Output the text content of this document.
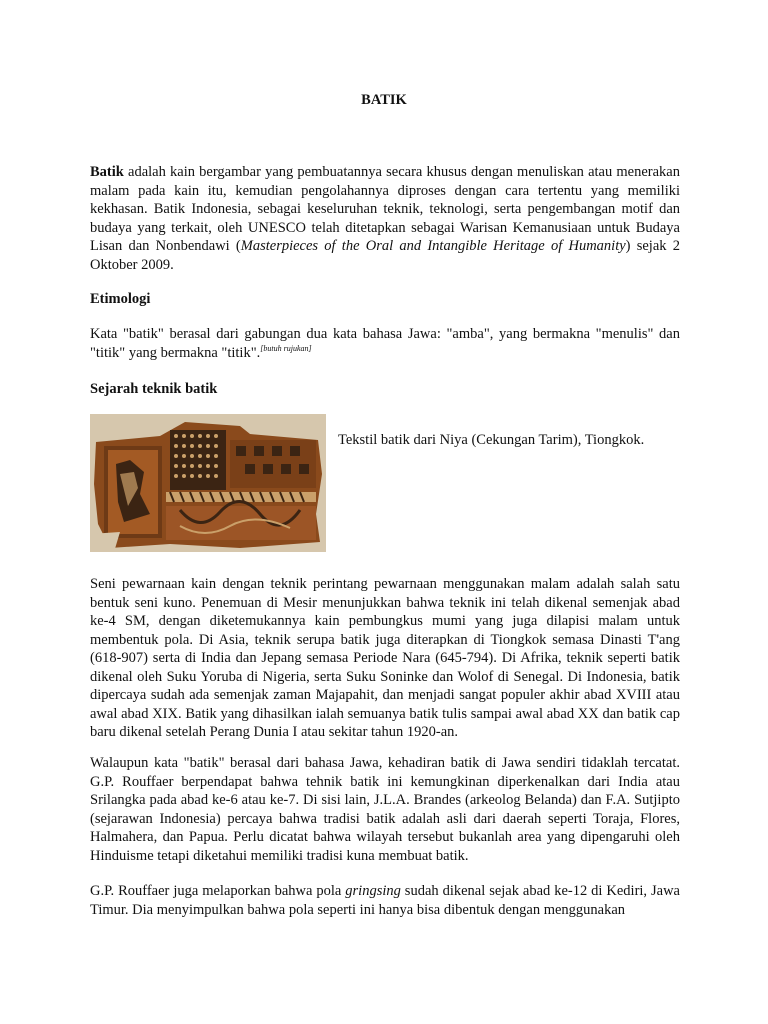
BATIK

Batik adalah kain bergambar yang pembuatannya secara khusus dengan menuliskan atau menerakan malam pada kain itu, kemudian pengolahannya diproses dengan cara tertentu yang memiliki kekhasan. Batik Indonesia, sebagai keseluruhan teknik, teknologi, serta pengembangan motif dan budaya yang terkait, oleh UNESCO telah ditetapkan sebagai Warisan Kemanusiaan untuk Budaya Lisan dan Nonbendawi (Masterpieces of the Oral and Intangible Heritage of Humanity) sejak 2 Oktober 2009.

Etimologi

Kata "batik" berasal dari gabungan dua kata bahasa Jawa: "amba", yang bermakna "menulis" dan "titik" yang bermakna "titik".[butuh rujukan]

Sejarah teknik batik
Tekstil batik dari Niya (Cekungan Tarim), Tiongkok.

Seni pewarnaan kain dengan teknik perintang pewarnaan menggunakan malam adalah salah satu bentuk seni kuno. Penemuan di Mesir menunjukkan bahwa teknik ini telah dikenal semenjak abad ke-4 SM, dengan diketemukannya kain pembungkus mumi yang juga dilapisi malam untuk membentuk pola. Di Asia, teknik serupa batik juga diterapkan di Tiongkok semasa Dinasti T'ang (618-907) serta di India dan Jepang semasa Periode Nara (645-794). Di Afrika, teknik seperti batik dikenal oleh Suku Yoruba di Nigeria, serta Suku Soninke dan Wolof di Senegal. Di Indonesia, batik dipercaya sudah ada semenjak zaman Majapahit, dan menjadi sangat populer akhir abad XVIII atau awal abad XIX. Batik yang dihasilkan ialah semuanya batik tulis sampai awal abad XX dan batik cap baru dikenal setelah Perang Dunia I atau sekitar tahun 1920-an.

Walaupun kata "batik" berasal dari bahasa Jawa, kehadiran batik di Jawa sendiri tidaklah tercatat. G.P. Rouffaer berpendapat bahwa tehnik batik ini kemungkinan diperkenalkan dari India atau Srilangka pada abad ke-6 atau ke-7. Di sisi lain, J.L.A. Brandes (arkeolog Belanda) dan F.A. Sutjipto (sejarawan Indonesia) percaya bahwa tradisi batik adalah asli dari daerah seperti Toraja, Flores, Halmahera, dan Papua. Perlu dicatat bahwa wilayah tersebut bukanlah area yang dipengaruhi oleh Hinduisme tetapi diketahui memiliki tradisi kuna membuat batik.

G.P. Rouffaer juga melaporkan bahwa pola gringsing sudah dikenal sejak abad ke-12 di Kediri, Jawa Timur. Dia menyimpulkan bahwa pola seperti ini hanya bisa dibentuk dengan menggunakan
